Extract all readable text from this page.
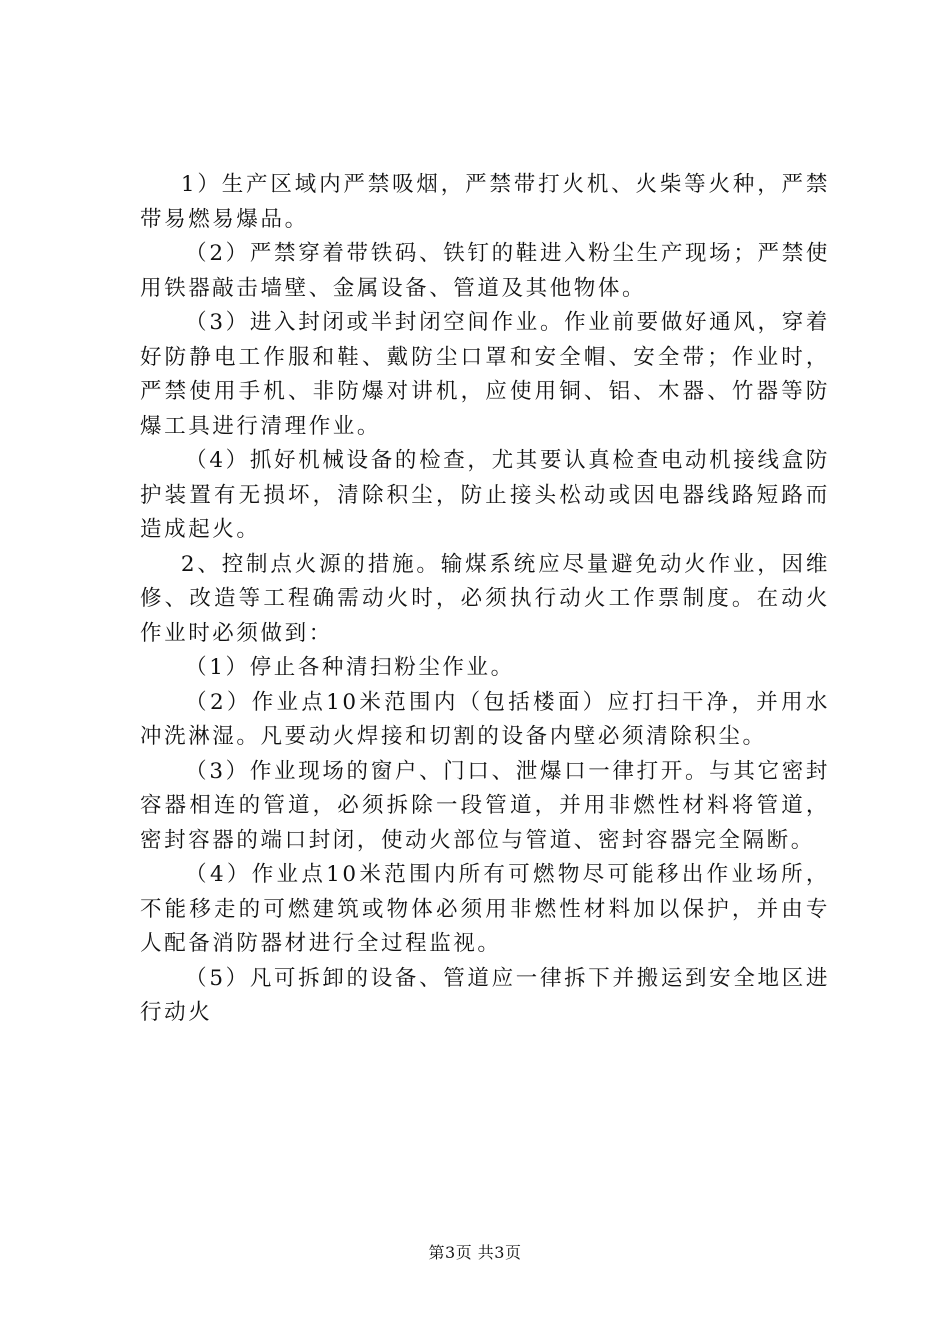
1）生产区域内严禁吸烟，严禁带打火机、火柴等火种，严禁带易燃易爆品。

（2）严禁穿着带铁码、铁钉的鞋进入粉尘生产现场；严禁使用铁器敲击墙壁、金属设备、管道及其他物体。

（3）进入封闭或半封闭空间作业。作业前要做好通风，穿着好防静电工作服和鞋、戴防尘口罩和安全帽、安全带；作业时，严禁使用手机、非防爆对讲机，应使用铜、铝、木器、竹器等防爆工具进行清理作业。

（4）抓好机械设备的检查，尤其要认真检查电动机接线盒防护装置有无损坏，清除积尘，防止接头松动或因电器线路短路而造成起火。

2、控制点火源的措施。输煤系统应尽量避免动火作业，因维修、改造等工程确需动火时，必须执行动火工作票制度。在动火作业时必须做到：

（1）停止各种清扫粉尘作业。

（2）作业点10米范围内（包括楼面）应打扫干净，并用水冲洗淋湿。凡要动火焊接和切割的设备内壁必须清除积尘。

（3）作业现场的窗户、门口、泄爆口一律打开。与其它密封容器相连的管道，必须拆除一段管道，并用非燃性材料将管道，密封容器的端口封闭，使动火部位与管道、密封容器完全隔断。

（4）作业点10米范围内所有可燃物尽可能移出作业场所，不能移走的可燃建筑或物体必须用非燃性材料加以保护，并由专人配备消防器材进行全过程监视。

（5）凡可拆卸的设备、管道应一律拆下并搬运到安全地区进行动火

第3页 共3页
